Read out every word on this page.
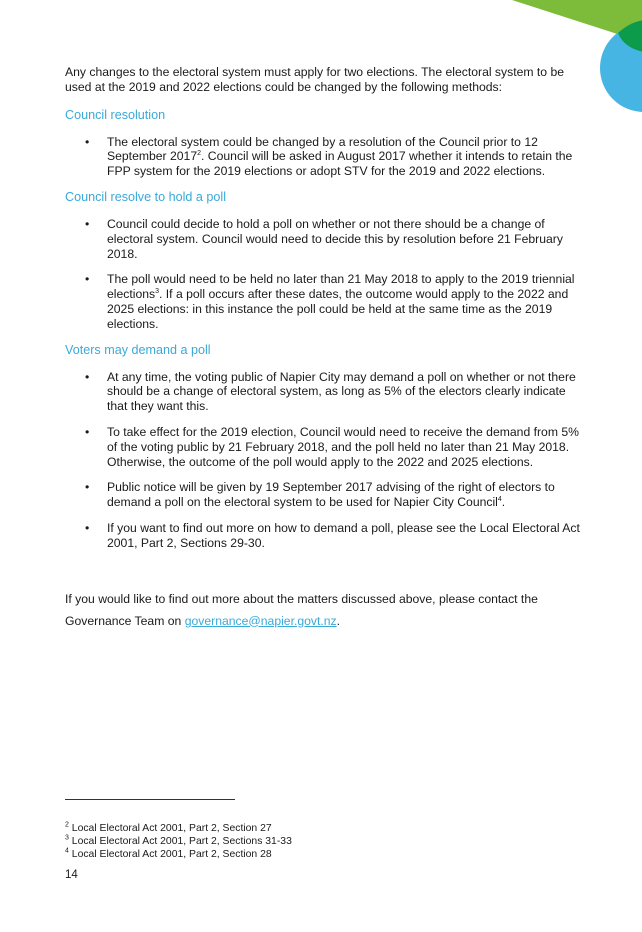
Any changes to the electoral system must apply for two elections. The electoral system to be used at the 2019 and 2022 elections could be changed by the following methods:

Council resolution

• The electoral system could be changed by a resolution of the Council prior to 12 September 2017$^2$. Council will be asked in August 2017 whether it intends to retain the FPP system for the 2019 elections or adopt STV for the 2019 and 2022 elections.

Council resolve to hold a poll

• Council could decide to hold a poll on whether or not there should be a change of electoral system. Council would need to decide this by resolution before 21 February 2018.
• The poll would need to be held no later than 21 May 2018 to apply to the 2019 triennial elections$^3$. If a poll occurs after these dates, the outcome would apply to the 2022 and 2025 elections: in this instance the poll could be held at the same time as the 2019 elections.

Voters may demand a poll

• At any time, the voting public of Napier City may demand a poll on whether or not there should be a change of electoral system, as long as 5% of the electors clearly indicate that they want this.
• To take effect for the 2019 election, Council would need to receive the demand from 5% of the voting public by 21 February 2018, and the poll held no later than 21 May 2018. Otherwise, the outcome of the poll would apply to the 2022 and 2025 elections.
• Public notice will be given by 19 September 2017 advising of the right of electors to demand a poll on the electoral system to be used for Napier City Council$^4$.
• If you want to find out more on how to demand a poll, please see the Local Electoral Act 2001, Part 2, Sections 29-30.
If you would like to find out more about the matters discussed above, please contact the
Governance Team on governance@napier.govt.nz.
$^2$ Local Electoral Act 2001, Part 2, Section 27
$^3$ Local Electoral Act 2001, Part 2, Sections 31-33
$^4$ Local Electoral Act 2001, Part 2, Section 28
14
